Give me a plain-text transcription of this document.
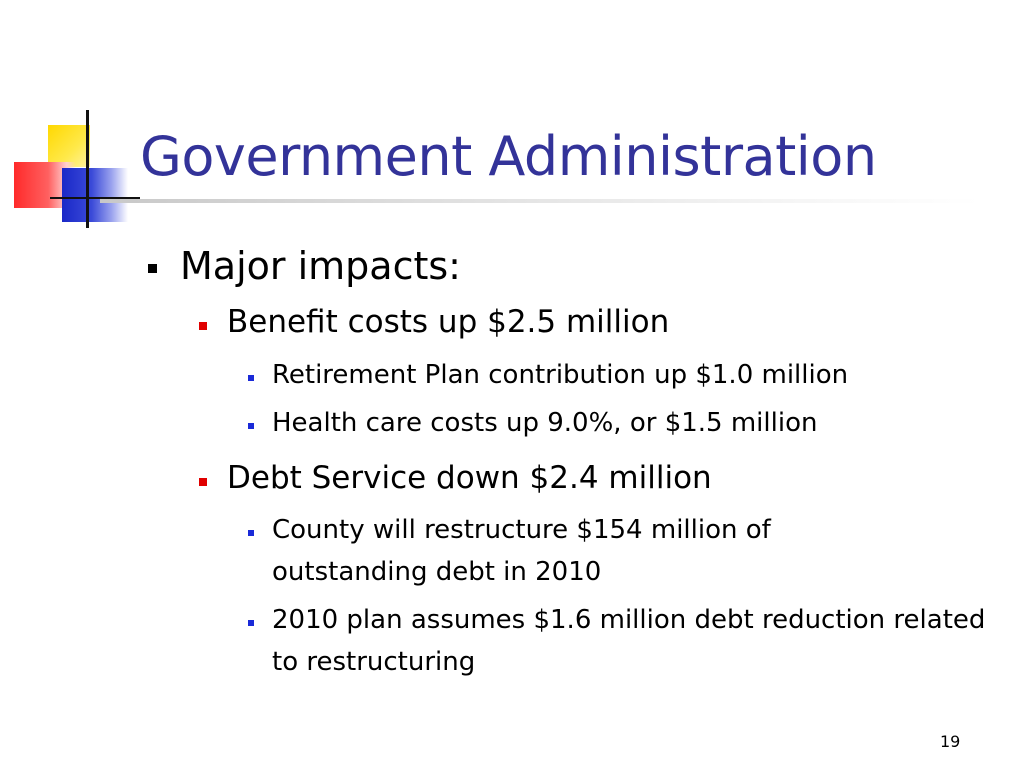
Government Administration
Major impacts:
Benefit costs up $2.5 million
Retirement Plan contribution up $1.0 million
Health care costs up 9.0%, or $1.5 million
Debt Service down $2.4 million
County will restructure $154 million of outstanding debt in 2010
2010 plan assumes $1.6 million debt reduction related to restructuring
19
